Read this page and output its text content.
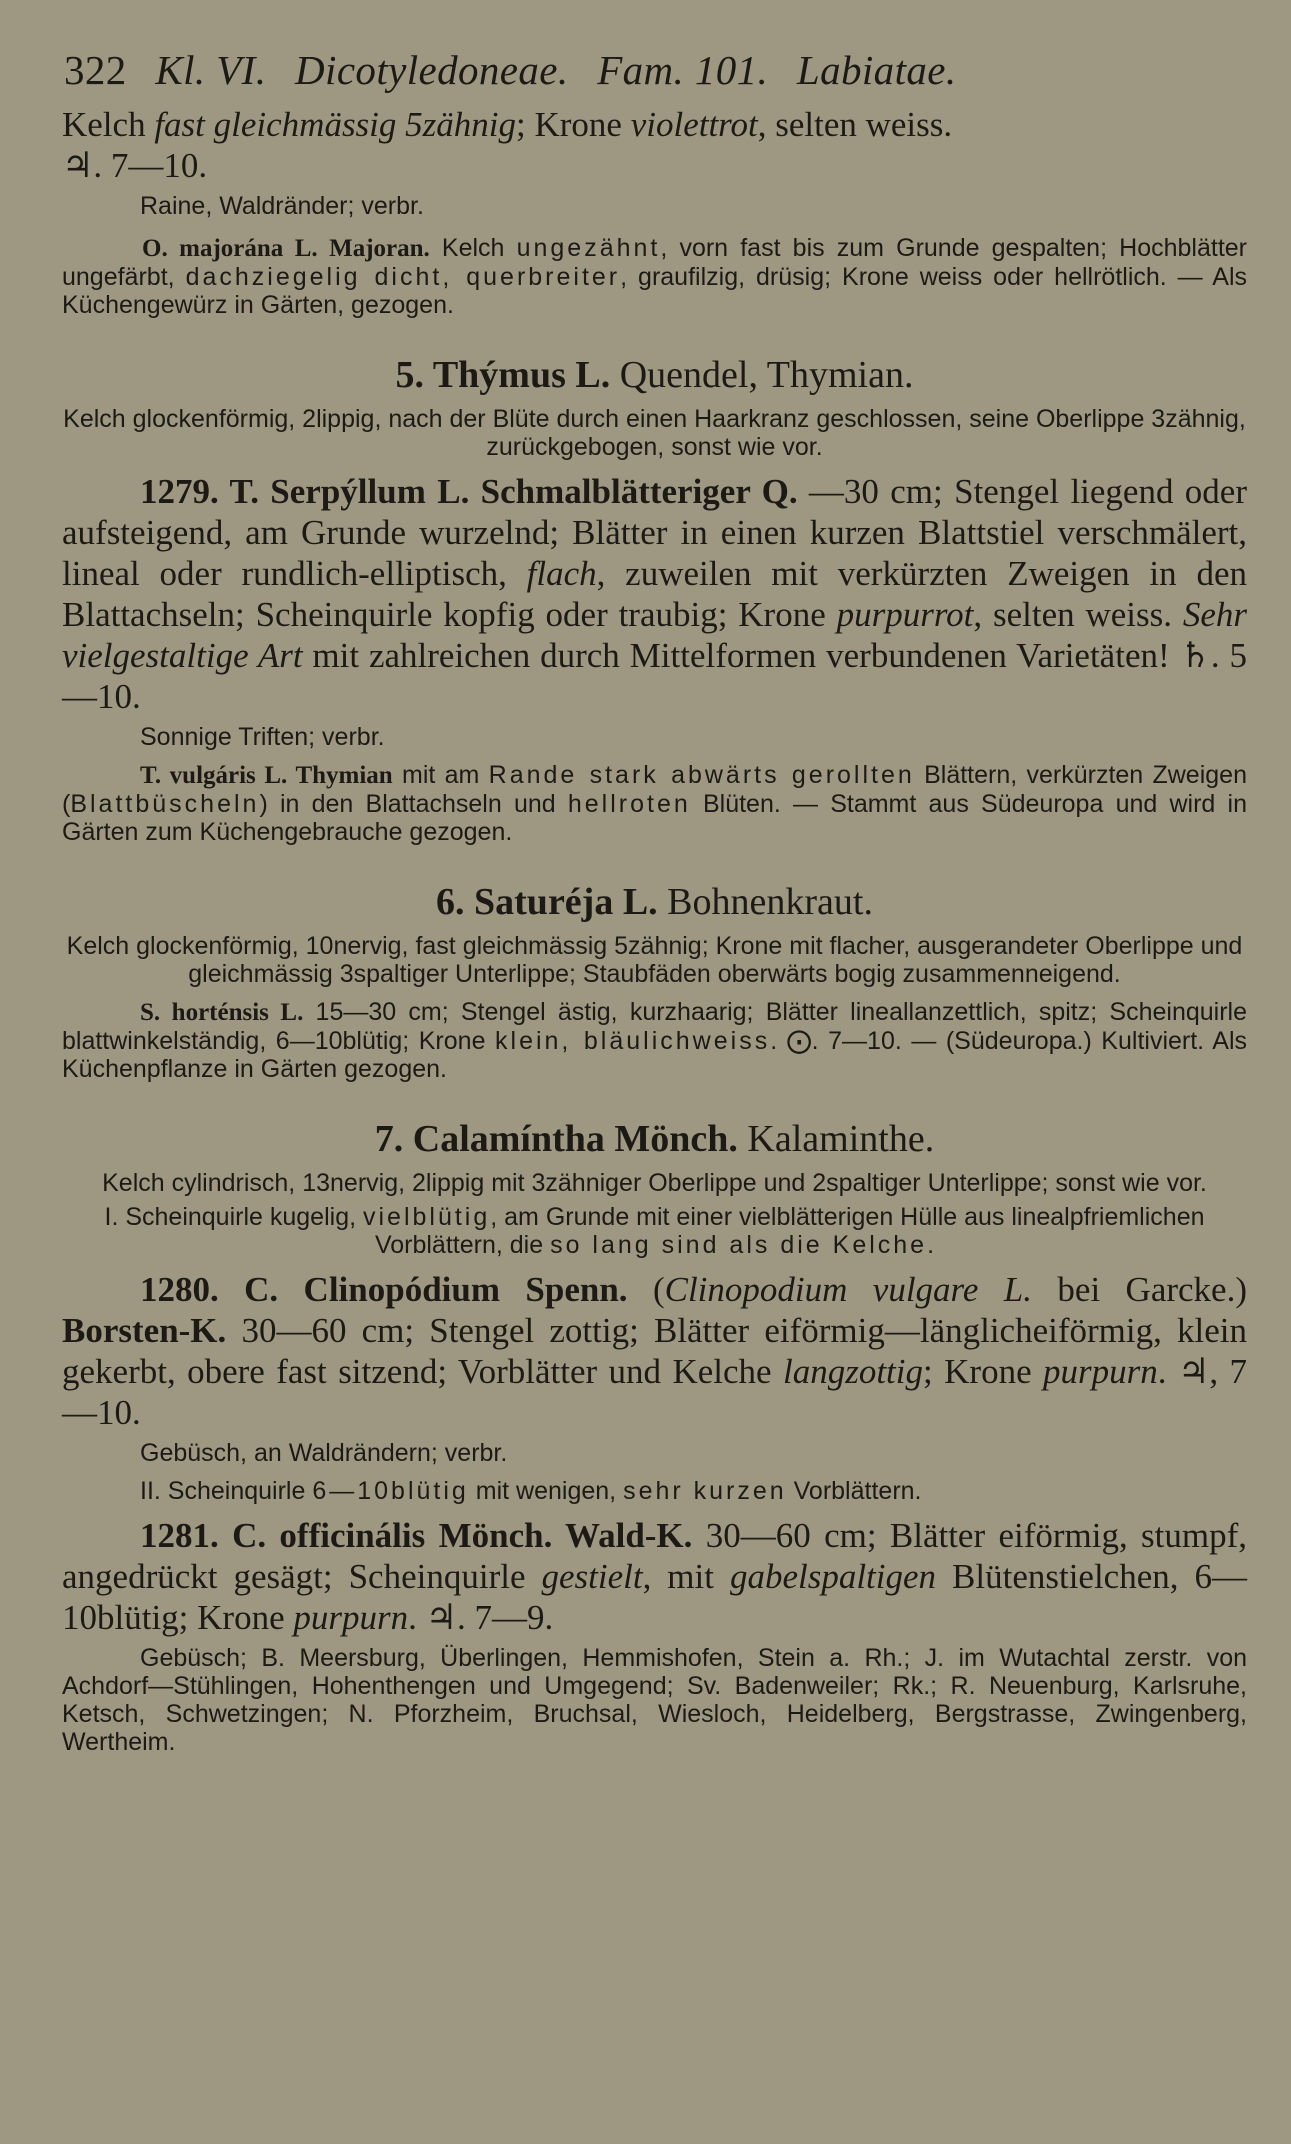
322 Kl. VI. Dicotyledoneae. Fam. 101. Labiatae.

Kelch fast gleichmässig 5zähnig; Krone violettrot, selten weiss.

♃. 7—10.

Raine, Waldränder; verbr.

O. majorána L. Majoran. Kelch ungezähnt, vorn fast bis zum Grunde gespalten; Hochblätter ungefärbt, dachziegelig dicht, querbreiter, graufilzig, drüsig; Krone weiss oder hellrötlich. — Als Küchengewürz in Gärten, gezogen.

5. Thýmus L. Quendel, Thymian.

Kelch glockenförmig, 2lippig, nach der Blüte durch einen Haarkranz geschlossen, seine Oberlippe 3zähnig, zurückgebogen, sonst wie vor.

1279. T. Serpýllum L. Schmalblätteriger Q. —30 cm; Stengel liegend oder aufsteigend, am Grunde wurzelnd; Blätter in einen kurzen Blattstiel verschmälert, lineal oder rundlich-elliptisch, flach, zuweilen mit verkürzten Zweigen in den Blattachseln; Scheinquirle kopfig oder traubig; Krone purpurrot, selten weiss. Sehr vielgestaltige Art mit zahlreichen durch Mittelformen verbundenen Varietäten! ♄. 5—10.

Sonnige Triften; verbr.

T. vulgáris L. Thymian mit am Rande stark abwärts gerollten Blättern, verkürzten Zweigen (Blattbüscheln) in den Blattachseln und hellroten Blüten. — Stammt aus Südeuropa und wird in Gärten zum Küchengebrauche gezogen.

6. Saturéja L. Bohnenkraut.

Kelch glockenförmig, 10nervig, fast gleichmässig 5zähnig; Krone mit flacher, ausgerandeter Oberlippe und gleichmässig 3spaltiger Unterlippe; Staubfäden oberwärts bogig zusammenneigend.

S. horténsis L. 15—30 cm; Stengel ästig, kurzhaarig; Blätter lineallanzettlich, spitz; Scheinquirle blattwinkelständig, 6—10blütig; Krone klein, bläulichweiss. ⨀. 7—10. — (Südeuropa.) Kultiviert. Als Küchenpflanze in Gärten gezogen.

7. Calamíntha Mönch. Kalaminthe.

Kelch cylindrisch, 13nervig, 2lippig mit 3zähniger Oberlippe und 2spaltiger Unterlippe; sonst wie vor.

I. Scheinquirle kugelig, vielblütig, am Grunde mit einer vielblätterigen Hülle aus linealpfriemlichen Vorblättern, die so lang sind als die Kelche.

1280. C. Clinopódium Spenn. (Clinopodium vulgare L. bei Garcke.) Borsten-K. 30—60 cm; Stengel zottig; Blätter eiförmig—länglicheiförmig, klein gekerbt, obere fast sitzend; Vorblätter und Kelche langzottig; Krone purpurn. ♃, 7—10.

Gebüsch, an Waldrändern; verbr.

II. Scheinquirle 6—10blütig mit wenigen, sehr kurzen Vorblättern.

1281. C. officinális Mönch. Wald-K. 30—60 cm; Blätter eiförmig, stumpf, angedrückt gesägt; Scheinquirle gestielt, mit gabelspaltigen Blütenstielchen, 6—10blütig; Krone purpurn. ♃. 7—9.

Gebüsch; B. Meersburg, Überlingen, Hemmishofen, Stein a. Rh.; J. im Wutachtal zerstr. von Achdorf—Stühlingen, Hohenthengen und Umgegend; Sv. Badenweiler; Rk.; R. Neuenburg, Karlsruhe, Ketsch, Schwetzingen; N. Pforzheim, Bruchsal, Wiesloch, Heidelberg, Bergstrasse, Zwingenberg, Wertheim.
